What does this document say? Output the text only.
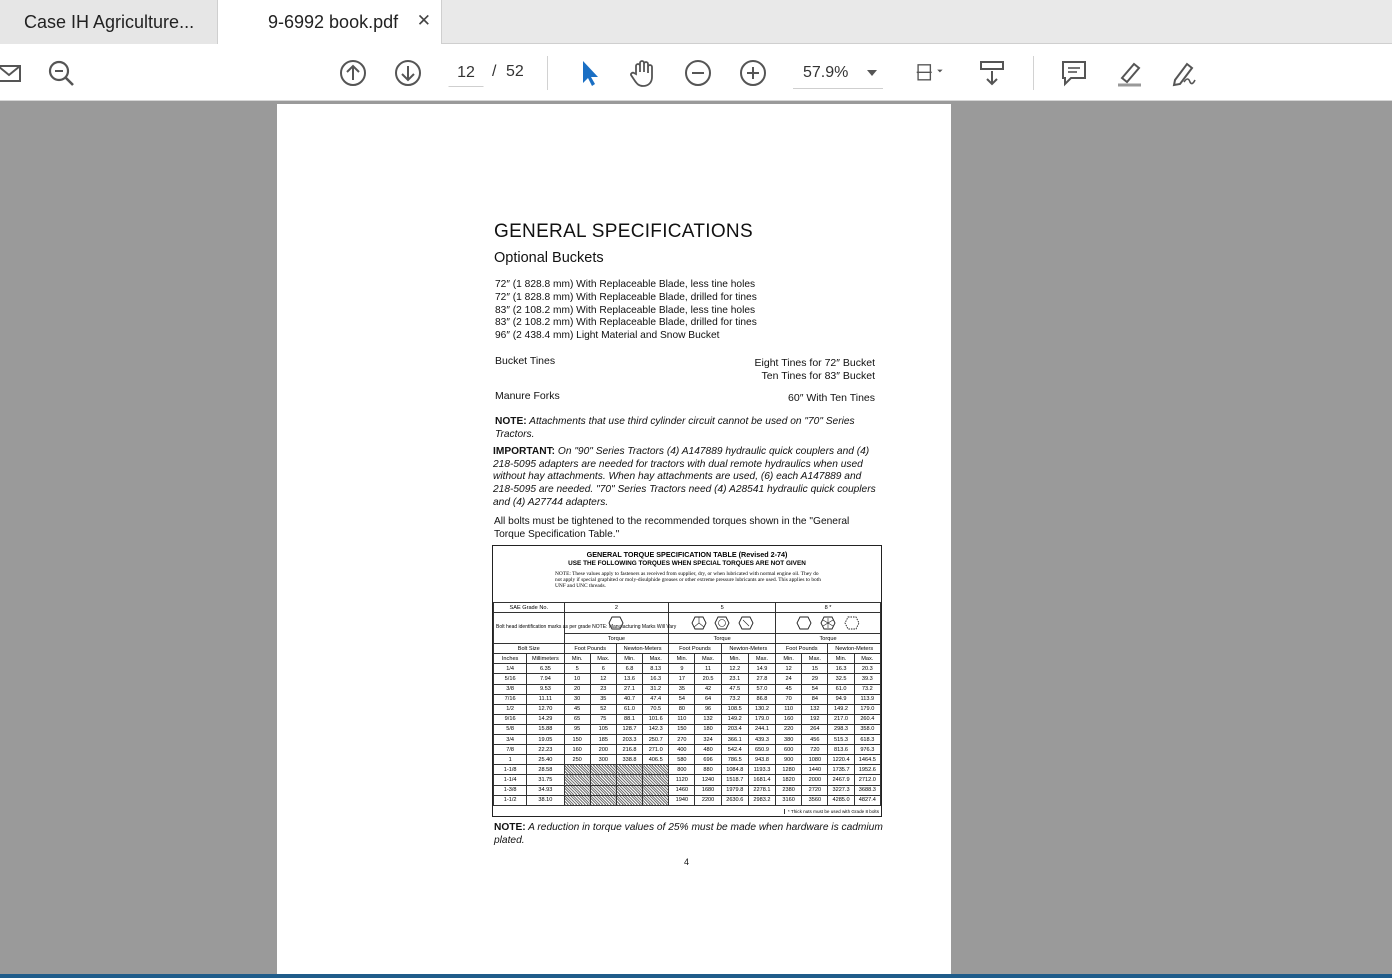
Case IH Agriculture...	9-6992 book.pdf ✕
12	/ 52	57.9%
GENERAL SPECIFICATIONS
Optional Buckets
72″ (1 828.8 mm) With Replaceable Blade, less tine holes
72″ (1 828.8 mm) With Replaceable Blade, drilled for tines
83″ (2 108.2 mm) With Replaceable Blade, less tine holes
83″ (2 108.2 mm) With Replaceable Blade, drilled for tines
96″ (2 438.4 mm) Light Material and Snow Bucket
Bucket Tines	Eight Tines for 72″ Bucket
Ten Tines for 83″ Bucket
Manure Forks	60″ With Ten Tines
NOTE: Attachments that use third cylinder circuit cannot be used on "70" Series Tractors.
IMPORTANT: On "90" Series Tractors (4) A147889 hydraulic quick couplers and (4) 218-5095 adapters are needed for tractors with dual remote hydraulics when used without hay attachments. When hay attachments are used, (6) each A147889 and 218-5095 are needed. "70" Series Tractors need (4) A28541 hydraulic quick couplers and (4) A27744 adapters.
All bolts must be tightened to the recommended torques shown in the "General Torque Specification Table."
GENERAL TORQUE SPECIFICATION TABLE (Revised 2-74)
USE THE FOLLOWING TORQUES WHEN SPECIAL TORQUES ARE NOT GIVEN
NOTE: These values apply to fasteners as received from supplier, dry, or when lubricated with normal engine oil. They do not apply if special graphited or moly-disulphide greases or other extreme pressure lubricants are used. This applies to both UNF and UNC threads.
SAE Grade No.		2				5				8 *			
Bolt head identification marks as per grade NOTE: Manufacturing Marks Will Vary			
		Torque				Torque				Torque			
Bolt Size		Foot Pounds		Newton-Meters		Foot Pounds		Newton-Meters		Foot Pounds		Newton-Meters	
Inches	Millimeters	Min.	Max.	Min.	Max.	Min.	Max.	Min.	Max.	Min.	Max.	Min.	Max.
1/4	6.35	5	6	6.8	8.13	9	11	12.2	14.9	12	15	16.3	20.3
5/16	7.94	10	12	13.6	16.3	17	20.5	23.1	27.8	24	29	32.5	39.3
3/8	9.53	20	23	27.1	31.2	35	42	47.5	57.0	45	54	61.0	73.2
7/16	11.11	30	35	40.7	47.4	54	64	73.2	86.8	70	84	94.9	113.9
1/2	12.70	45	52	61.0	70.5	80	96	108.5	130.2	110	132	149.2	179.0
9/16	14.29	65	75	88.1	101.6	110	132	149.2	179.0	160	192	217.0	260.4
5/8	15.88	95	105	128.7	142.3	150	180	203.4	244.1	220	264	298.3	358.0
3/4	19.05	150	185	203.3	250.7	270	324	366.1	439.3	380	456	515.3	618.3
7/8	22.23	160	200	216.8	271.0	400	480	542.4	650.9	600	720	813.6	976.3
1	25.40	250	300	338.8	406.5	580	696	786.5	943.8	900	1080	1220.4	1464.5
1-1/8	28.58					800	880	1084.8	1193.3	1280	1440	1735.7	1952.6
1-1/4	31.75					1120	1240	1518.7	1681.4	1820	2000	2467.9	2712.0
1-3/8	34.93					1460	1680	1979.8	2278.1	2380	2720	3227.3	3688.3
1-1/2	38.10					1940	2200	2630.6	2983.2	3160	3560	4285.0	4827.4
* Thick nuts must be used with Grade 8 bolts
NOTE: A reduction in torque values of 25% must be made when hardware is cadmium plated.
4
